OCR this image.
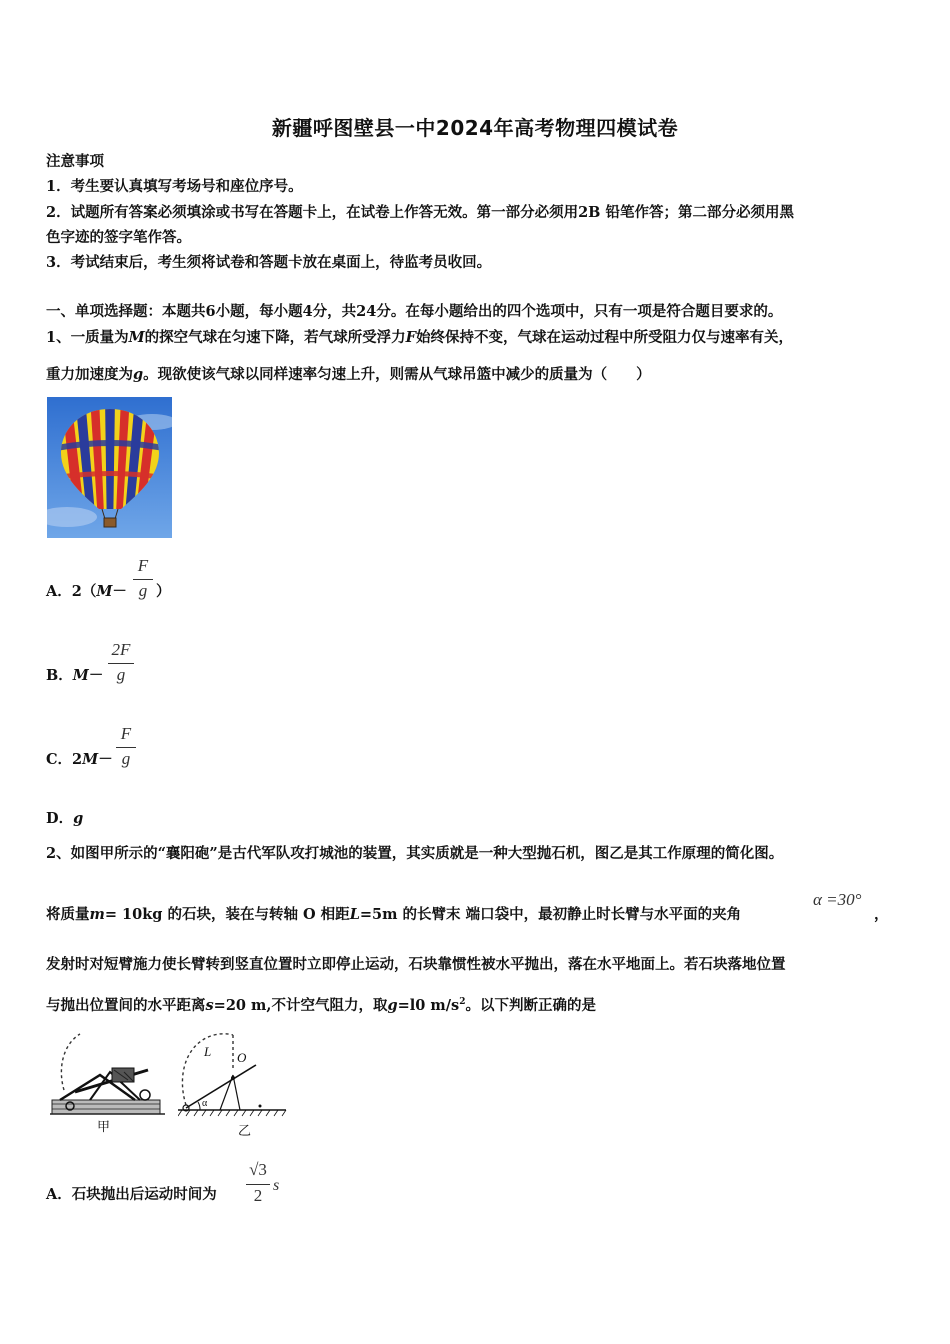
新疆呼图壁县一中2024年高考物理四模试卷
注意事项
1．考生要认真填写考场号和座位序号。
2．试题所有答案必须填涂或书写在答题卡上，在试卷上作答无效。第一部分必须用2B 铅笔作答；第二部分必须用黑
色字迹的签字笔作答。
3．考试结束后，考生须将试卷和答题卡放在桌面上，待监考员收回。
一、单项选择题：本题共6小题，每小题4分，共24分。在每小题给出的四个选项中，只有一项是符合题目要求的。
1、一质量为M的探空气球在匀速下降，若气球所受浮力F始终保持不变，气球在运动过程中所受阻力仅与速率有关，
重力加速度为g。现欲使该气球以同样速率匀速上升，则需从气球吊篮中减少的质量为（　　）
A．2（M－
F
g ）
B．M－
2F
g
C．2M－
F
g
D．g
2、如图甲所示的“襄阳砲”是古代军队攻打城池的装置，其实质就是一种大型抛石机，图乙是其工作原理的简化图。
将质量m= 10kg 的石块，装在与转轴 O 相距L=5m 的长臂末 端口袋中，最初静止时长臂与水平面的夹角
α =30°
，
发射时对短臂施力使长臂转到竖直位置时立即停止运动，石块靠惯性被水平抛出，落在水平地面上。若石块落地位置
与抛出位置间的水平距离s=20 m,不计空气阻力，取g=l0 $m/s^2$。以下判断正确的是
甲
L O
α
乙
A．石块抛出后运动时间为
√3
2
s
